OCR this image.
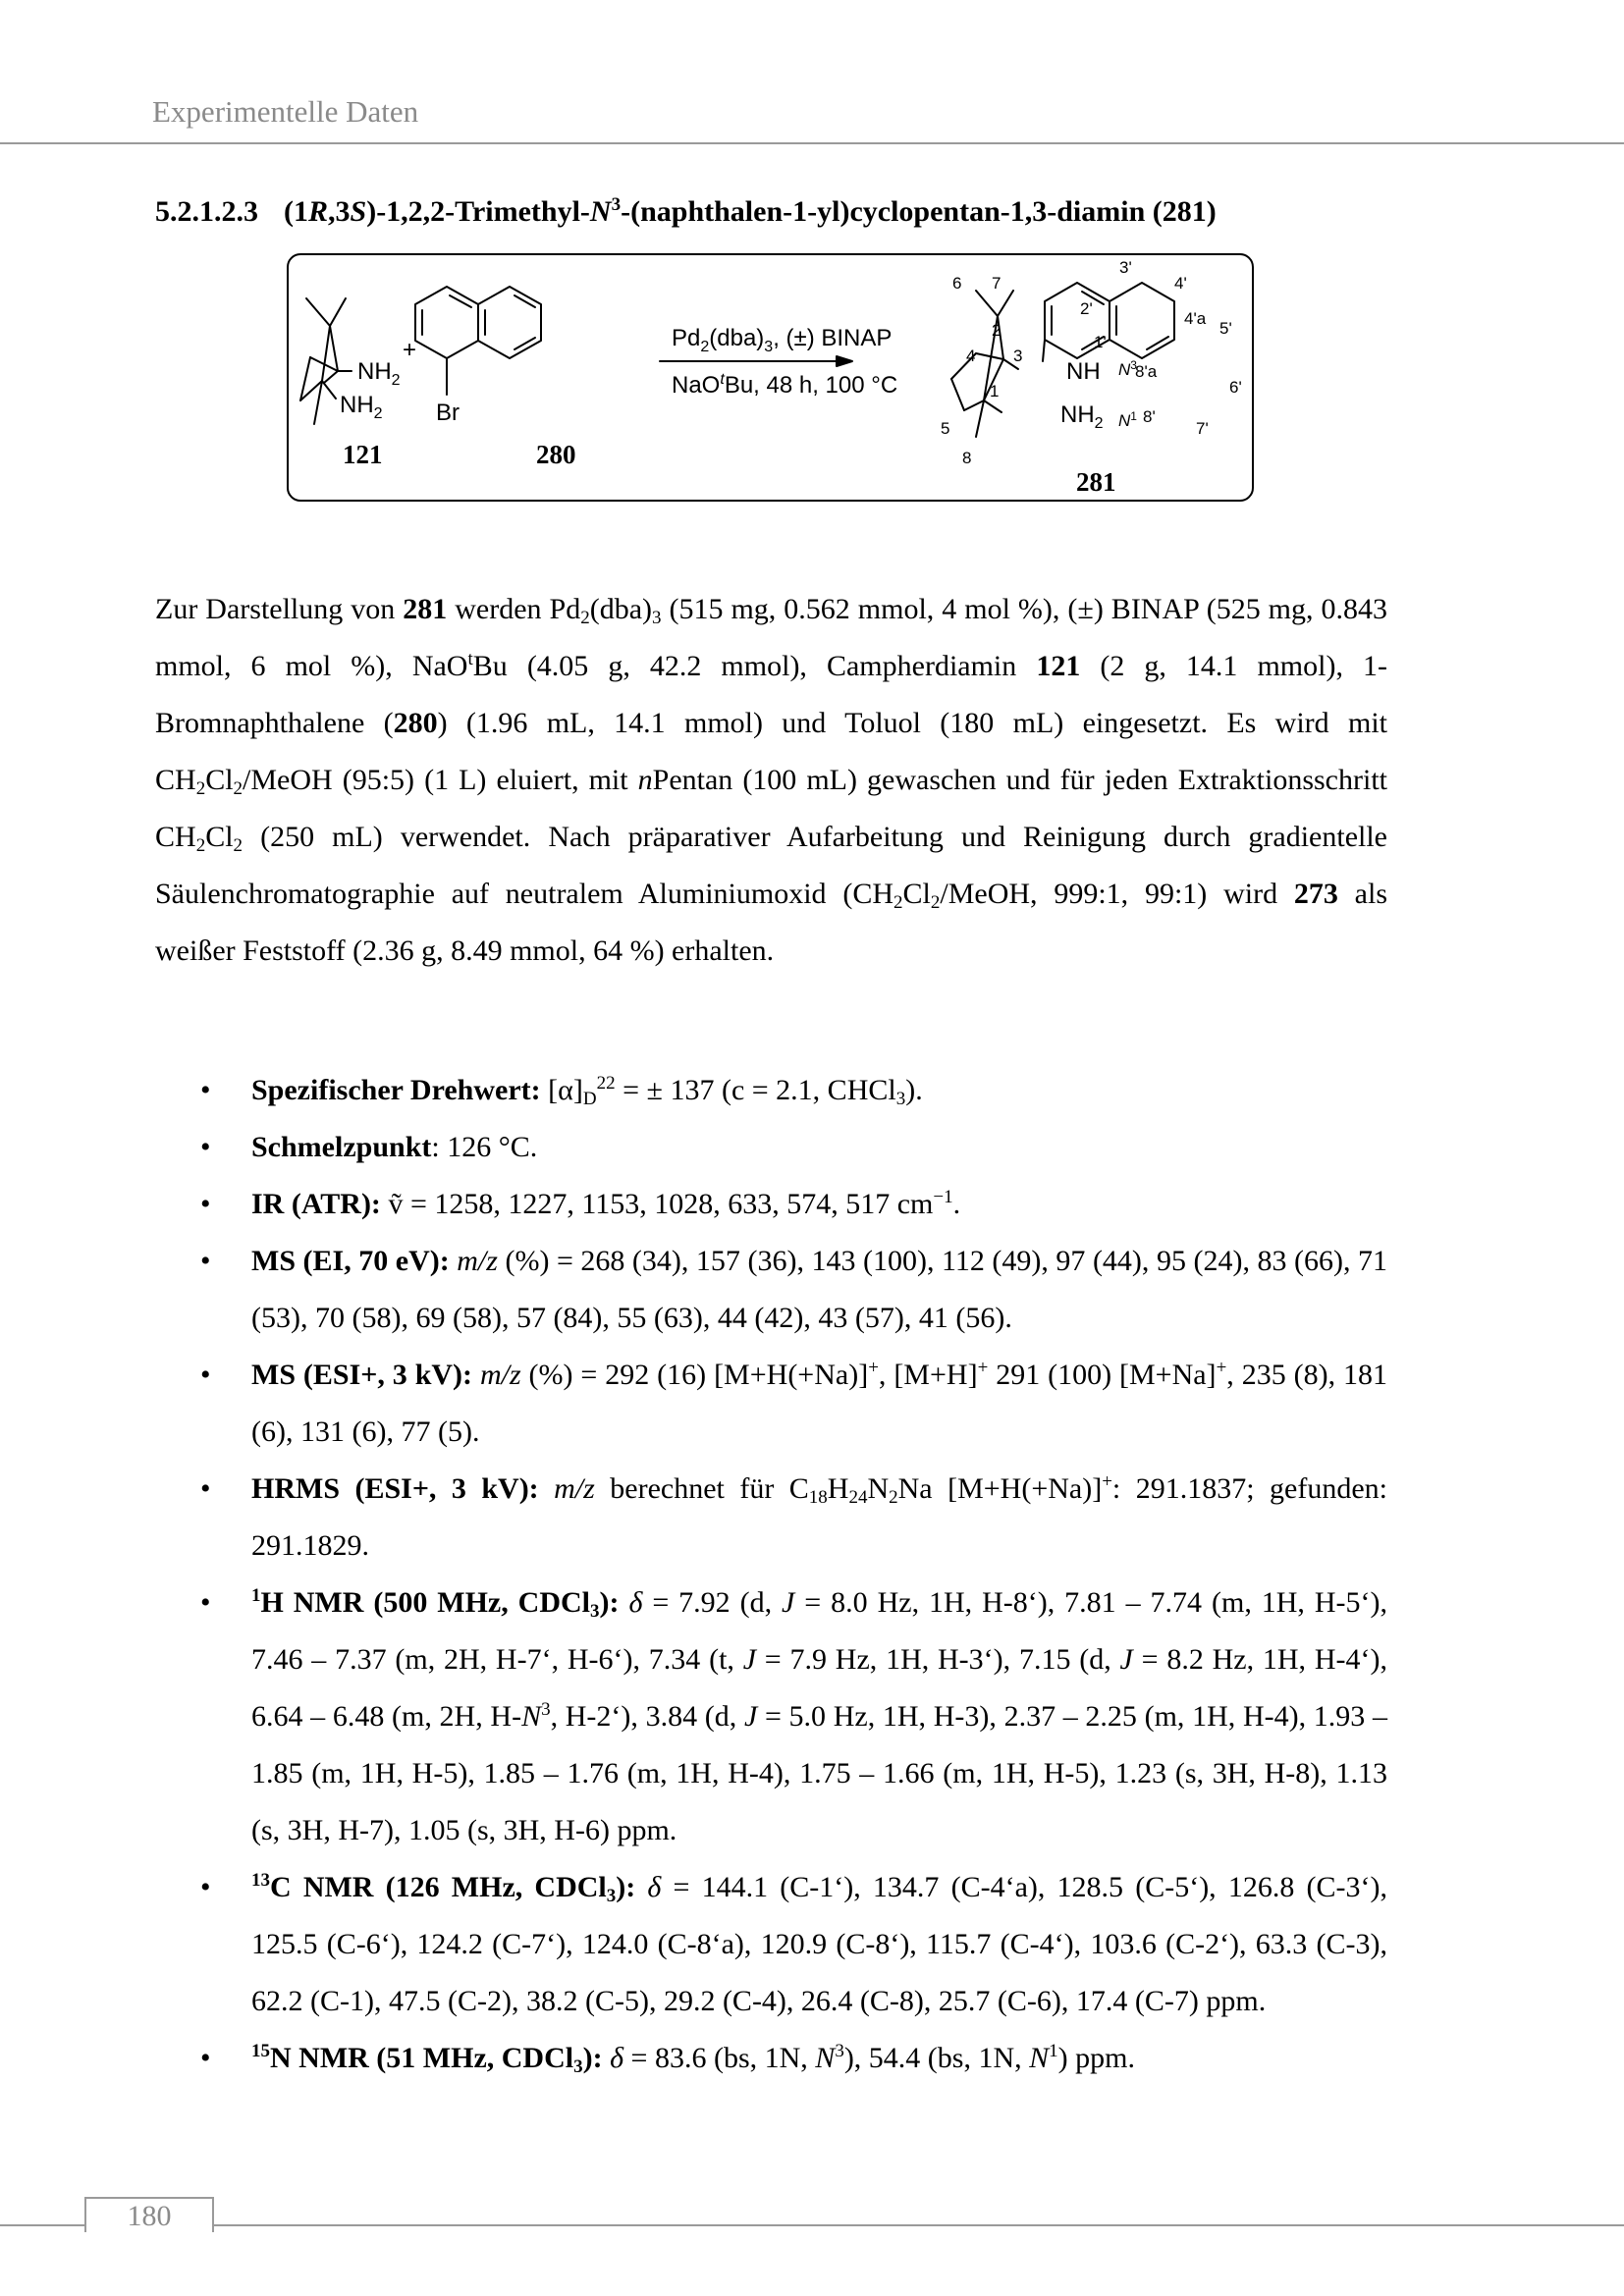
Experimentelle Daten
5.2.1.2.3 $(1R,3S)-1,2,2-Trimethyl-N^3-(naphthalen-1-yl)cyclopentan-1,3$-diamin (281)
$NH_2$
$NH_2$
121
+
Br
280
$Pd_2(dba)_3$, (±) BINAP
NaO$^t$Bu, 48 h, 100 °C
6 7
2
3
4
1
5
8
$N^3$
$N^1$
3'
4'
2'
4'a
5'
1'
8'a
6'
8'
7'
NH
$NH_2$
281
Zur Darstellung von 281 werden $Pd_2(dba)_3$ (515 mg, 0.562 mmol, 4 mol %), (±) BINAP (525 mg, 0.843 mmol, 6 mol %), NaO$^t$Bu (4.05 g, 42.2 mmol), Campherdiamin 121 (2 g, 14.1 mmol), 1-Bromnaphthalene (280) (1.96 mL, 14.1 mmol) und Toluol (180 mL) eingesetzt. Es wird mit $CH_2Cl_2$/MeOH (95:5) (1 L) eluiert, mit nPentan (100 mL) gewaschen und für jeden Extraktionsschritt $CH_2Cl_2$ (250 mL) verwendet. Nach präparativer Aufarbeitung und Reinigung durch gradientelle Säulenchromatographie auf neutralem Aluminiumoxid ($CH_2Cl_2$/MeOH, 999:1, 99:1) wird 273 als weißer Feststoff (2.36 g, 8.49 mmol, 64 %) erhalten.
• Spezifischer Drehwert: $[\alpha]_D^{22}$ = ± 137 (c = 2.1, CHCl$_3$).
• Schmelzpunkt: 126 °C.
• IR (ATR): ṽ = 1258, 1227, 1153, 1028, 633, 574, 517 $cm^{-1}$.
• MS (EI, 70 eV): m/z (%) = 268 (34), 157 (36), 143 (100), 112 (49), 97 (44), 95 (24), 83 (66), 71 (53), 70 (58), 69 (58), 57 (84), 55 (63), 44 (42), 43 (57), 41 (56).
• MS (ESI+, 3 kV): m/z (%) = 292 (16) [M+H(+Na)]+, [M+H]+ 291 (100) [M+Na]+, 235 (8), 181 (6), 131 (6), 77 (5).
• HRMS (ESI+, 3 kV): m/z berechnet für $C_{18}H_{24}N_2Na$ [M+H(+Na)]+: 291.1837; gefunden: 291.1829.
• $^1$H NMR (500 MHz, CDCl$_3$): δ = 7.92 (d, J = 8.0 Hz, 1H, H-8‘), 7.81 – 7.74 (m, 1H, H-5‘), 7.46 – 7.37 (m, 2H, H-7‘, H-6‘), 7.34 (t, J = 7.9 Hz, 1H, H-3‘), 7.15 (d, J = 8.2 Hz, 1H, H-4‘), 6.64 – 6.48 (m, 2H, $H-N^3$, H-2‘), 3.84 (d, J = 5.0 Hz, 1H, H-3), 2.37 – 2.25 (m, 1H, H-4), 1.93 – 1.85 (m, 1H, H-5), 1.85 – 1.76 (m, 1H, H-4), 1.75 – 1.66 (m, 1H, H-5), 1.23 (s, 3H, H-8), 1.13 (s, 3H, H-7), 1.05 (s, 3H, H-6) ppm.
• $^{13}$C NMR (126 MHz, CDCl$_3$): δ = 144.1 (C-1‘), 134.7 (C-4‘a), 128.5 (C-5‘), 126.8 (C-3‘), 125.5 (C-6‘), 124.2 (C-7‘), 124.0 (C-8‘a), 120.9 (C-8‘), 115.7 (C-4‘), 103.6 (C-2‘), 63.3 (C-3), 62.2 (C-1), 47.5 (C-2), 38.2 (C-5), 29.2 (C-4), 26.4 (C-8), 25.7 (C-6), 17.4 (C-7) ppm.
• $^{15}$N NMR (51 MHz, CDCl$_3$): δ = 83.6 (bs, 1N, $N^3$), 54.4 (bs, 1N, $N^1$) ppm.
180
